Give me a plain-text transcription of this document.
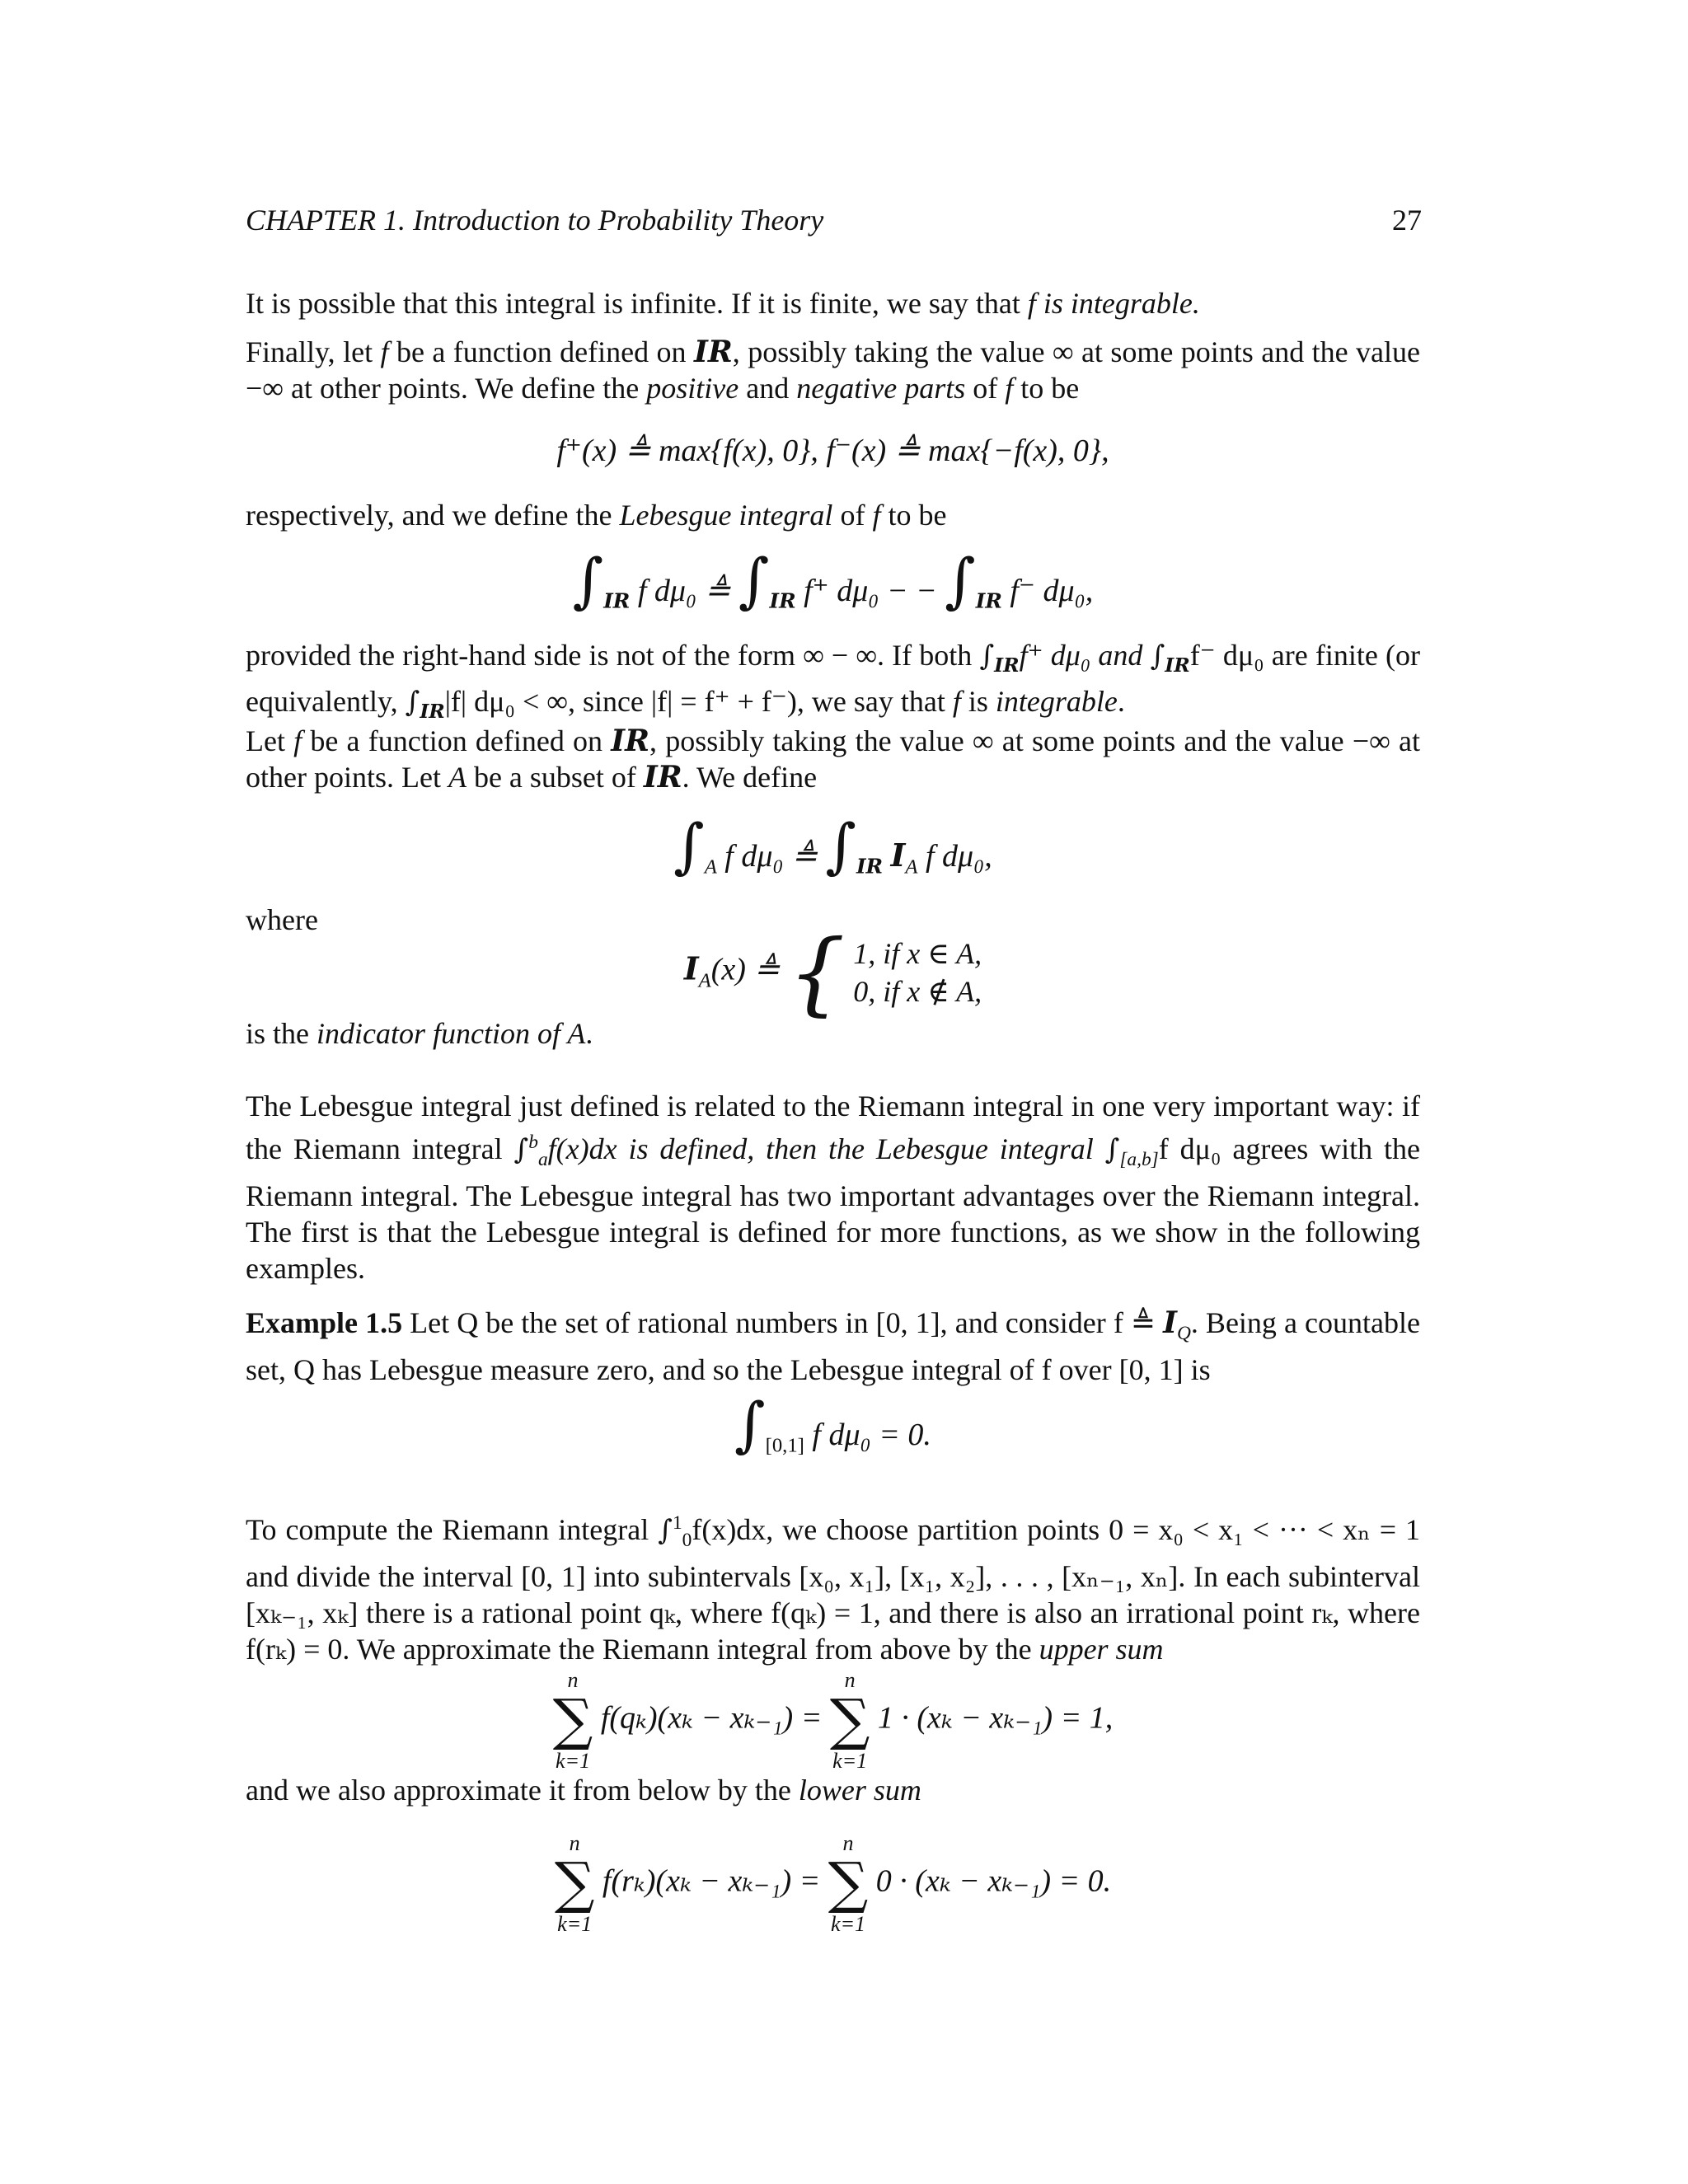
CHAPTER 1. Introduction to Probability Theory	27
It is possible that this integral is infinite. If it is finite, we say that f is integrable.
Finally, let f be a function defined on IR, possibly taking the value ∞ at some points and the value −∞ at other points. We define the positive and negative parts of f to be
f⁺(x) ≜ max{f(x), 0}, f⁻(x) ≜ max{−f(x), 0},
respectively, and we define the Lebesgue integral of f to be
$\int_{IR}$ f dμ₀ ≜ $\int_{IR}$ f⁺ dμ₀ − − $\int_{IR}$ f⁻ dμ₀,
provided the right-hand side is not of the form ∞ − ∞. If both $\int_{IR}f^+$ dμ₀ and $\int_{IR}f^-$ dμ₀ are finite (or equivalently, $\int_{IR}|f|$ dμ₀ < ∞, since |f| = f⁺ + f⁻), we say that f is integrable.
Let f be a function defined on IR, possibly taking the value ∞ at some points and the value −∞ at other points. Let A be a subset of IR. We define
$\int_A$ f dμ₀ ≜ $\int_{IR}$ $I_A$ f dμ₀,
where
$I_A(x)$ ≜ { 1, if x ∈ A,
0, if x ∉ A,
is the indicator function of A.
The Lebesgue integral just defined is related to the Riemann integral in one very important way: if the Riemann integral ∫$^b_a$f(x)dx is defined, then the Lebesgue integral $\int_{[a,b]}f$ dμ₀ agrees with the Riemann integral. The Lebesgue integral has two important advantages over the Riemann integral. The first is that the Lebesgue integral is defined for more functions, as we show in the following examples.
Example 1.5 Let Q be the set of rational numbers in [0, 1], and consider f ≜ $I_Q$. Being a countable set, Q has Lebesgue measure zero, and so the Lebesgue integral of f over [0, 1] is
$\int_{[0,1]}$ f dμ₀ = 0.
To compute the Riemann integral ∫$^1_0$f(x)dx, we choose partition points 0 = x₀ < x₁ < ··· < xₙ = 1 and divide the interval [0, 1] into subintervals [x₀, x₁], [x₁, x₂], . . . , [xₙ₋₁, xₙ]. In each subinterval [xₖ₋₁, xₖ] there is a rational point qₖ, where f(qₖ) = 1, and there is also an irrational point rₖ, where f(rₖ) = 0. We approximate the Riemann integral from above by the upper sum
n
∑
k=1
f(qₖ)(xₖ − xₖ₋₁) =
n
∑
k=1
1 · (xₖ − xₖ₋₁) = 1,
and we also approximate it from below by the lower sum
n
∑
k=1
f(rₖ)(xₖ − xₖ₋₁) =
n
∑
k=1
0 · (xₖ − xₖ₋₁) = 0.
